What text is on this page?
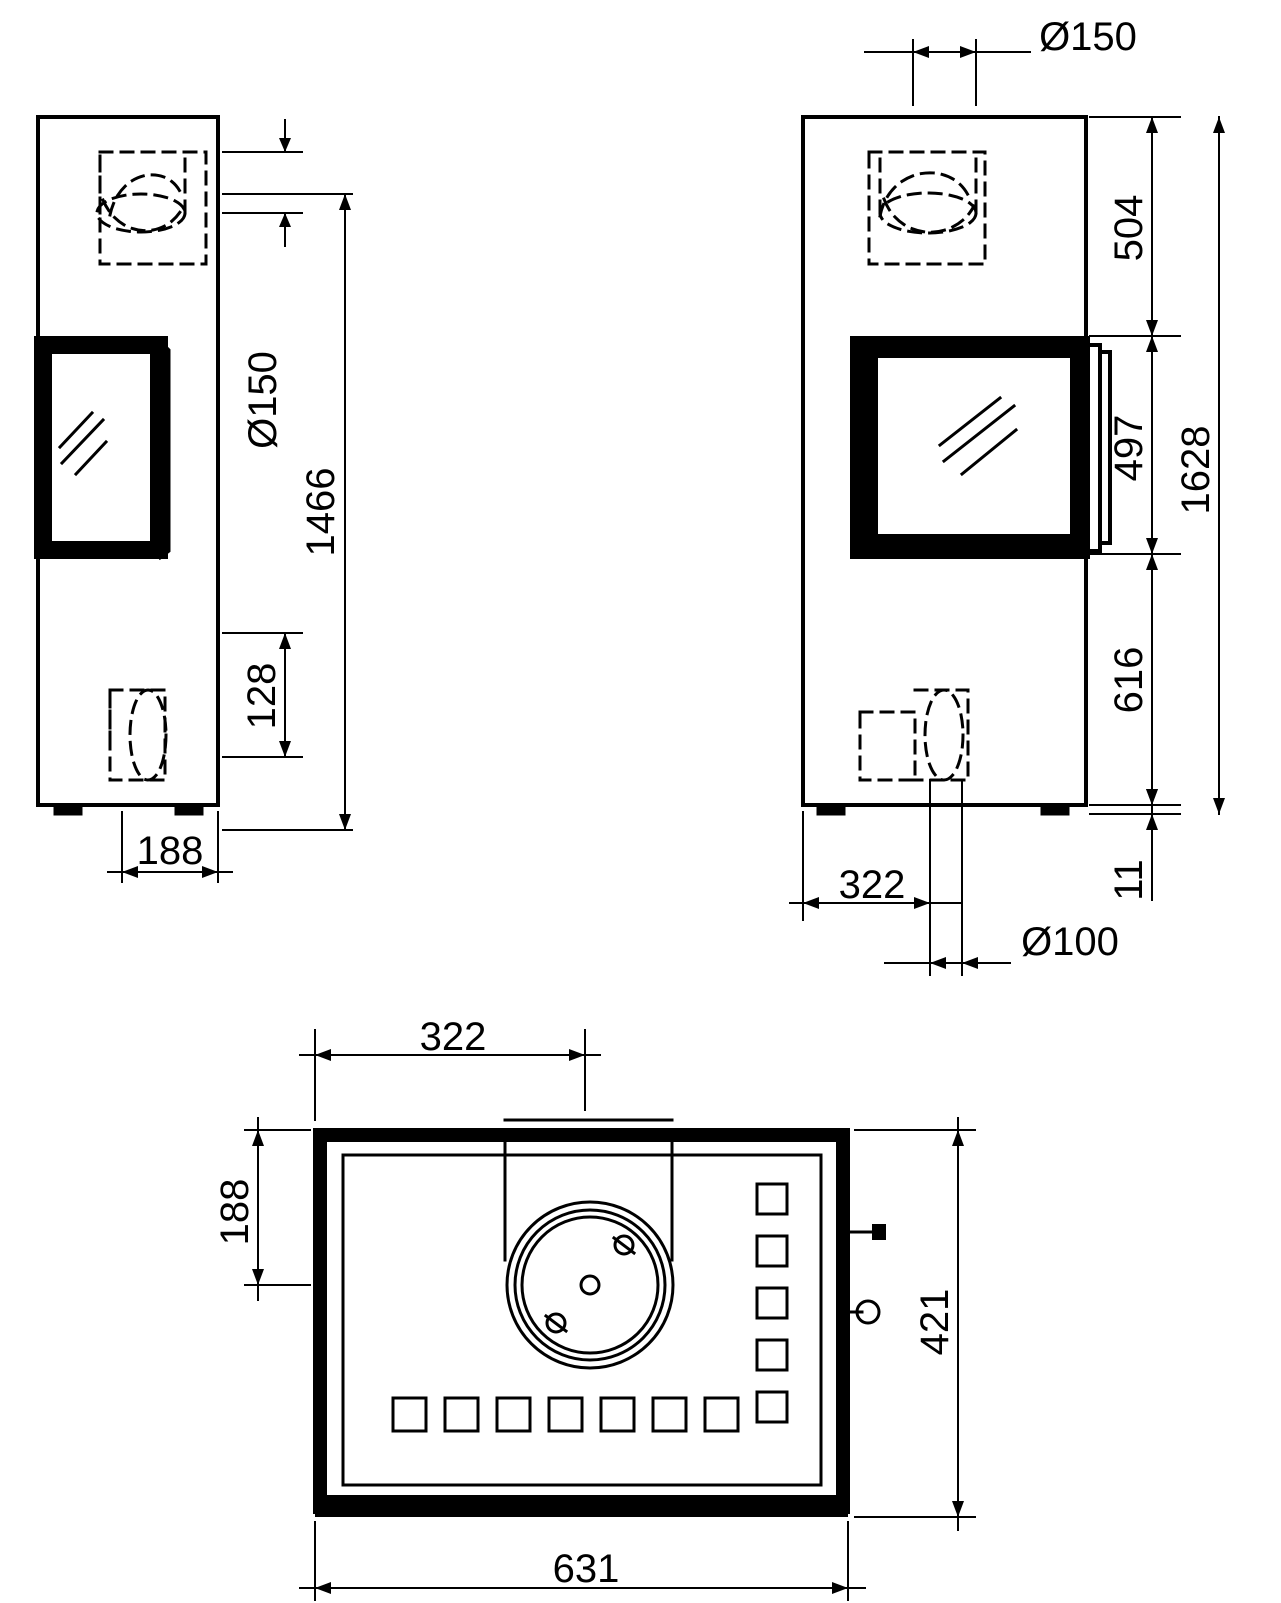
Ø150
1466
128
188
Ø150
504
497 1628
616
11
322
Ø100
322
188
421
631
